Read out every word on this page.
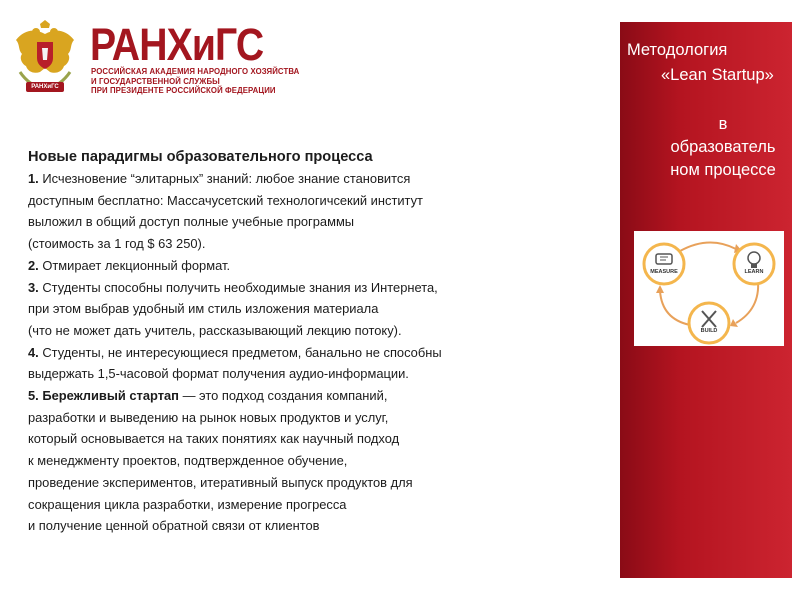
РАНХиГС
РАНХиГС
РОССИЙСКАЯ АКАДЕМИЯ НАРОДНОГО ХОЗЯЙСТВА
И ГОСУДАРСТВЕННОЙ СЛУЖБЫ
ПРИ ПРЕЗИДЕНТЕ РОССИЙСКОЙ ФЕДЕРАЦИИ
Новые парадигмы образовательного процесса
1. Исчезновение “элитарных” знаний: любое знание становится
доступным бесплатно: Массачусетский технологичсекий институт
выложил в общий доступ полные учебные программы
(стоимость за 1 год $ 63 250).
2. Отмирает лекционный формат.
3. Студенты способны получить необходимые знания из Интернета,
при этом выбрав удобный им стиль изложения материала
(что не может дать учитель, рассказывающий лекцию потоку).
4. Студенты, не интересующиеся предметом, банально не способны
выдержать 1,5-часовой формат получения аудио-информации.
5. Бережливый стартап — это подход создания компаний,
разработки и выведению на рынок новых продуктов и услуг,
который основывается на таких понятиях как научный подход
к менеджменту проектов, подтвержденное обучение,
проведение экспериментов, итеративный выпуск продуктов для
сокращения цикла разработки, измерение прогресса
и получение ценной обратной связи от клиентов
Методология
«Lean Startup»
в
образователь
ном процессе
MEASURE	LEARN
BUILD
